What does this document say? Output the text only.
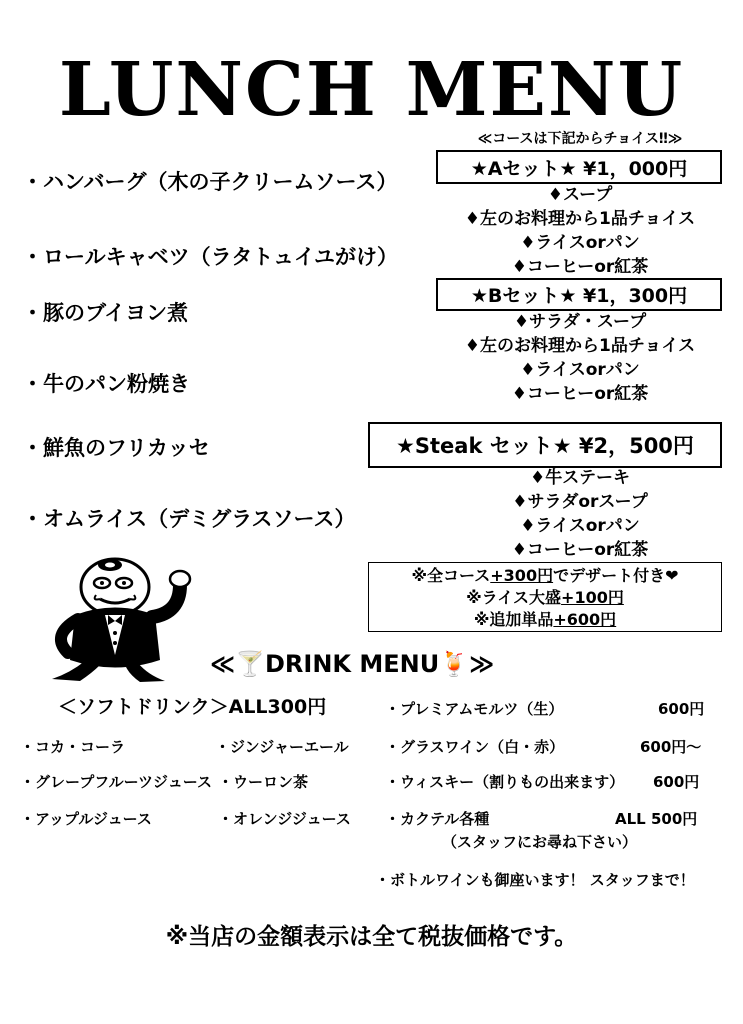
LUNCH MENU
・ハンバーグ（木の子クリームソース）
・ロールキャベツ（ラタトュイユがけ）
・豚のブイヨン煮
・牛のパン粉焼き
・鮮魚のフリカッセ
・オムライス（デミグラスソース）
≪コースは下記からチョイス‼≫
★Aセット★ ¥1，000円
♦スープ
♦左のお料理から1品チョイス
♦ライスorパン
♦コーヒーor紅茶
★Bセット★ ¥1，300円
♦サラダ・スープ
♦左のお料理から1品チョイス
♦ライスorパン
♦コーヒーor紅茶
★Steak セット★ ¥2，500円
♦牛ステーキ
♦サラダorスープ
♦ライスorパン
♦コーヒーor紅茶
※全コース+300円でデザート付き❤
※ライス大盛+100円
※追加単品+600円
≪🍸DRINK MENU🍹≫
＜ソフトドリンク＞ALL300円
・コカ・コーラ	・ジンジャーエール
・グレープフルーツジュース ・ウーロン茶
・アップルジュース	・オレンジジュース
・プレミアムモルツ（生）	600円
・グラスワイン（白・赤）	600円～
・ウィスキー（割りもの出来ます） 600円
・カクテル各種	ALL 500円
（スタッフにお尋ね下さい）
・ボトルワインも御座います！ スタッフまで！
※当店の金額表示は全て税抜価格です。
